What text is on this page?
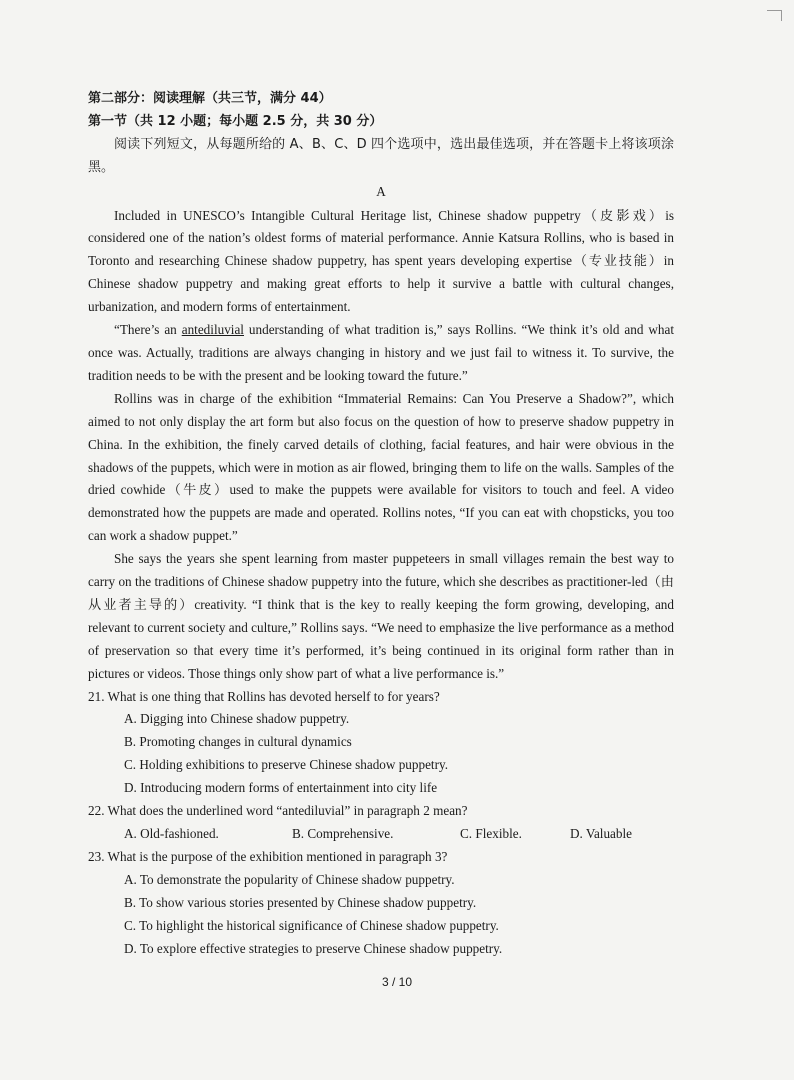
第二部分：阅读理解（共三节，满分 44）
第一节（共 12 小题；每小题 2.5 分，共 30 分）

阅读下列短文，从每题所给的 A、B、C、D 四个选项中，选出最佳选项，并在答题卡上将该项涂黑。

A

Included in UNESCO’s Intangible Cultural Heritage list, Chinese shadow puppetry（皮影戏）is considered one of the nation’s oldest forms of material performance. Annie Katsura Rollins, who is based in Toronto and researching Chinese shadow puppetry, has spent years developing expertise（专业技能）in Chinese shadow puppetry and making great efforts to help it survive a battle with cultural changes, urbanization, and modern forms of entertainment.

“There’s an antediluvial understanding of what tradition is,” says Rollins. “We think it’s old and what once was. Actually, traditions are always changing in history and we just fail to witness it. To survive, the tradition needs to be with the present and be looking toward the future.”

Rollins was in charge of the exhibition “Immaterial Remains: Can You Preserve a Shadow?”, which aimed to not only display the art form but also focus on the question of how to preserve shadow puppetry in China. In the exhibition, the finely carved details of clothing, facial features, and hair were obvious in the shadows of the puppets, which were in motion as air flowed, bringing them to life on the walls. Samples of the dried cowhide（牛皮）used to make the puppets were available for visitors to touch and feel. A video demonstrated how the puppets are made and operated. Rollins notes, “If you can eat with chopsticks, you too can work a shadow puppet.”

She says the years she spent learning from master puppeteers in small villages remain the best way to carry on the traditions of Chinese shadow puppetry into the future, which she describes as practitioner-led（由从业者主导的）creativity. “I think that is the key to really keeping the form growing, developing, and relevant to current society and culture,” Rollins says. “We need to emphasize the live performance as a method of preservation so that every time it’s performed, it’s being continued in its original form rather than in pictures or videos. Those things only show part of what a live performance is.”

21. What is one thing that Rollins has devoted herself to for years?

A. Digging into Chinese shadow puppetry.

B. Promoting changes in cultural dynamics

C. Holding exhibitions to preserve Chinese shadow puppetry.

D. Introducing modern forms of entertainment into city life

22. What does the underlined word “antediluvial” in paragraph 2 mean?

A. Old-fashioned.	B. Comprehensive.	C. Flexible.	D. Valuable

23. What is the purpose of the exhibition mentioned in paragraph 3?

A. To demonstrate the popularity of Chinese shadow puppetry.

B. To show various stories presented by Chinese shadow puppetry.

C. To highlight the historical significance of Chinese shadow puppetry.

D. To explore effective strategies to preserve Chinese shadow puppetry.

3 / 10
